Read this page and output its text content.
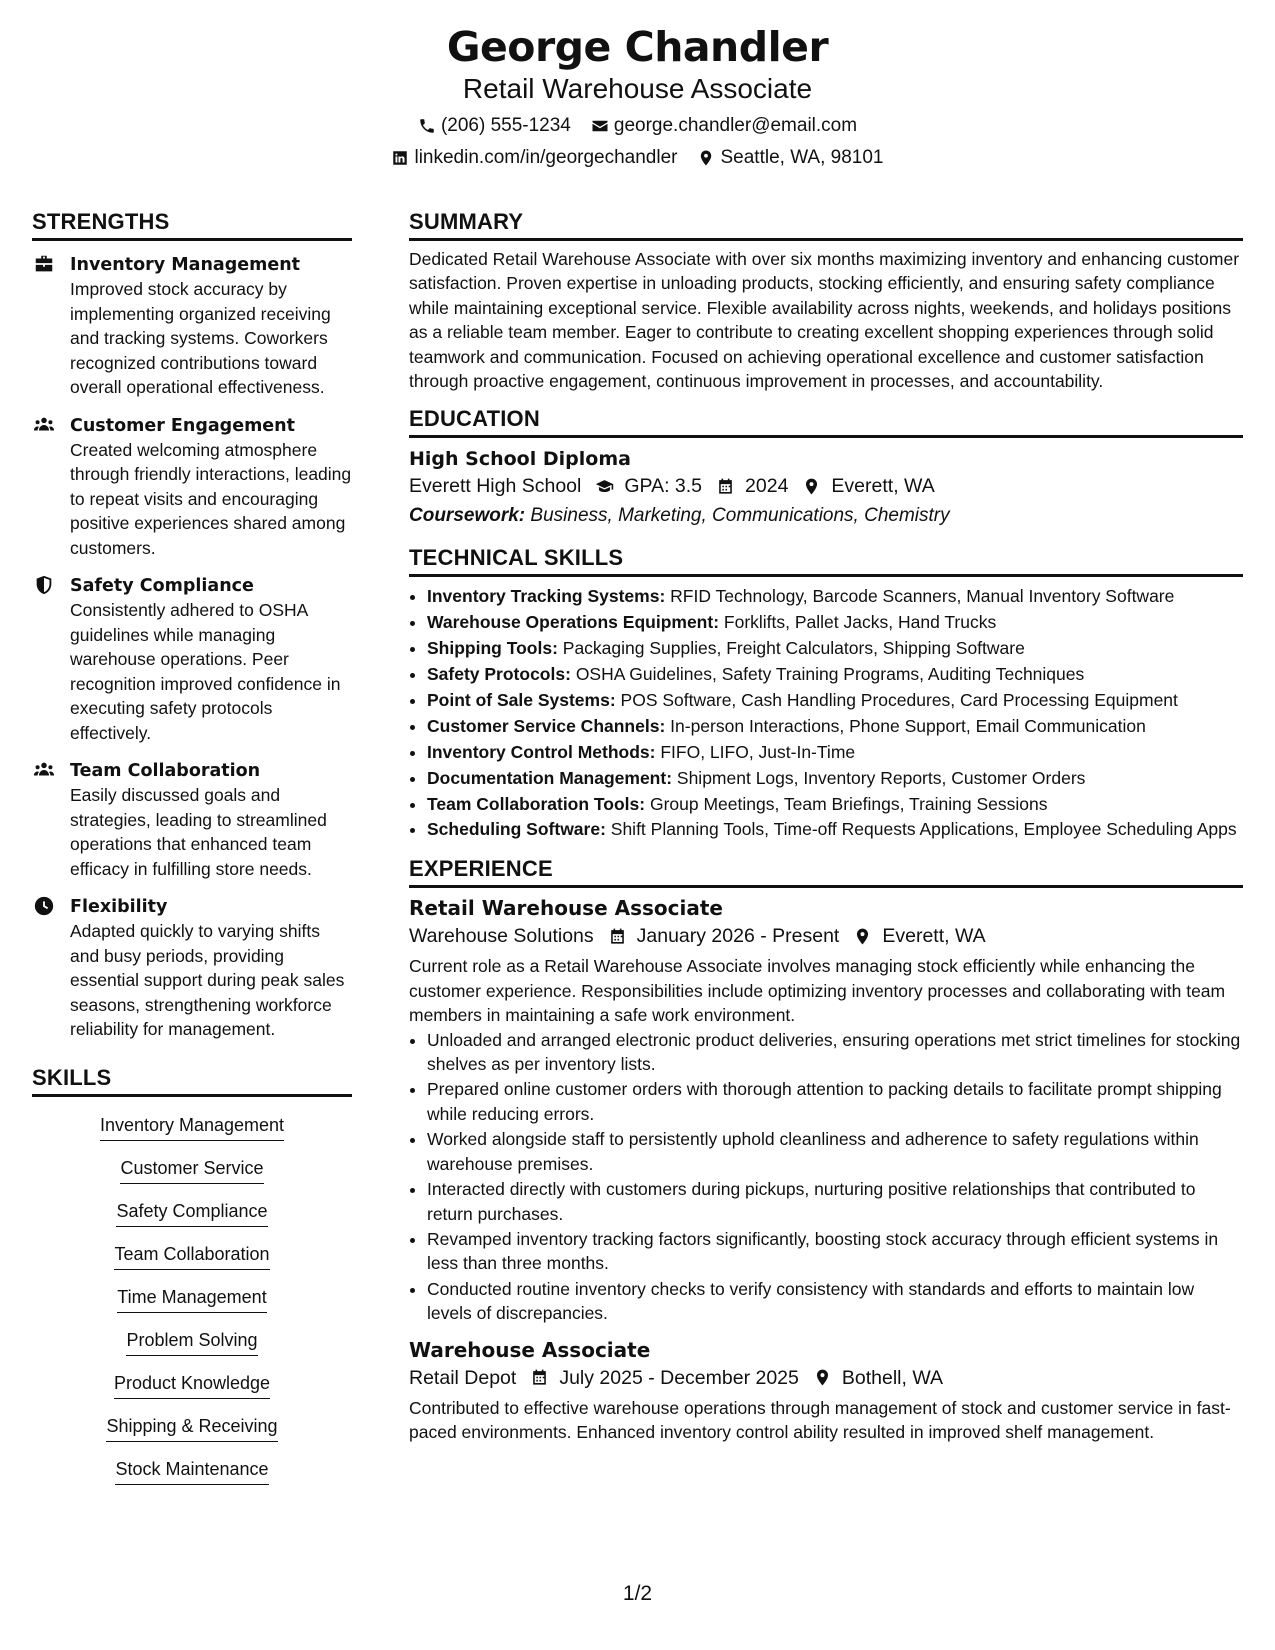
George Chandler
Retail Warehouse Associate
(206) 555-1234 george.chandler@email.com
linkedin.com/in/georgechandler Seattle, WA, 98101
STRENGTHS
Inventory Management
Improved stock accuracy by implementing organized receiving and tracking systems. Coworkers recognized contributions toward overall operational effectiveness.
Customer Engagement
Created welcoming atmosphere through friendly interactions, leading to repeat visits and encouraging positive experiences shared among customers.
Safety Compliance
Consistently adhered to OSHA guidelines while managing warehouse operations. Peer recognition improved confidence in executing safety protocols effectively.
Team Collaboration
Easily discussed goals and strategies, leading to streamlined operations that enhanced team efficacy in fulfilling store needs.
Flexibility
Adapted quickly to varying shifts and busy periods, providing essential support during peak sales seasons, strengthening workforce reliability for management.
SKILLS
Inventory Management
Customer Service
Safety Compliance
Team Collaboration
Time Management
Problem Solving
Product Knowledge
Shipping & Receiving
Stock Maintenance
SUMMARY
Dedicated Retail Warehouse Associate with over six months maximizing inventory and enhancing customer satisfaction. Proven expertise in unloading products, stocking efficiently, and ensuring safety compliance while maintaining exceptional service. Flexible availability across nights, weekends, and holidays positions as a reliable team member. Eager to contribute to creating excellent shopping experiences through solid teamwork and communication. Focused on achieving operational excellence and customer satisfaction through proactive engagement, continuous improvement in processes, and accountability.
EDUCATION
High School Diploma
Everett High School GPA: 3.5 2024 Everett, WA
Coursework: Business, Marketing, Communications, Chemistry
TECHNICAL SKILLS
• Inventory Tracking Systems: RFID Technology, Barcode Scanners, Manual Inventory Software
• Warehouse Operations Equipment: Forklifts, Pallet Jacks, Hand Trucks
• Shipping Tools: Packaging Supplies, Freight Calculators, Shipping Software
• Safety Protocols: OSHA Guidelines, Safety Training Programs, Auditing Techniques
• Point of Sale Systems: POS Software, Cash Handling Procedures, Card Processing Equipment
• Customer Service Channels: In-person Interactions, Phone Support, Email Communication
• Inventory Control Methods: FIFO, LIFO, Just-In-Time
• Documentation Management: Shipment Logs, Inventory Reports, Customer Orders
• Team Collaboration Tools: Group Meetings, Team Briefings, Training Sessions
• Scheduling Software: Shift Planning Tools, Time-off Requests Applications, Employee Scheduling Apps
EXPERIENCE
Retail Warehouse Associate
Warehouse Solutions January 2026 - Present Everett, WA
Current role as a Retail Warehouse Associate involves managing stock efficiently while enhancing the customer experience. Responsibilities include optimizing inventory processes and collaborating with team members in maintaining a safe work environment.
• Unloaded and arranged electronic product deliveries, ensuring operations met strict timelines for stocking shelves as per inventory lists.
• Prepared online customer orders with thorough attention to packing details to facilitate prompt shipping while reducing errors.
• Worked alongside staff to persistently uphold cleanliness and adherence to safety regulations within warehouse premises.
• Interacted directly with customers during pickups, nurturing positive relationships that contributed to return purchases.
• Revamped inventory tracking factors significantly, boosting stock accuracy through efficient systems in less than three months.
• Conducted routine inventory checks to verify consistency with standards and efforts to maintain low levels of discrepancies.
Warehouse Associate
Retail Depot July 2025 - December 2025 Bothell, WA
Contributed to effective warehouse operations through management of stock and customer service in fast-paced environments. Enhanced inventory control ability resulted in improved shelf management.
1/2
